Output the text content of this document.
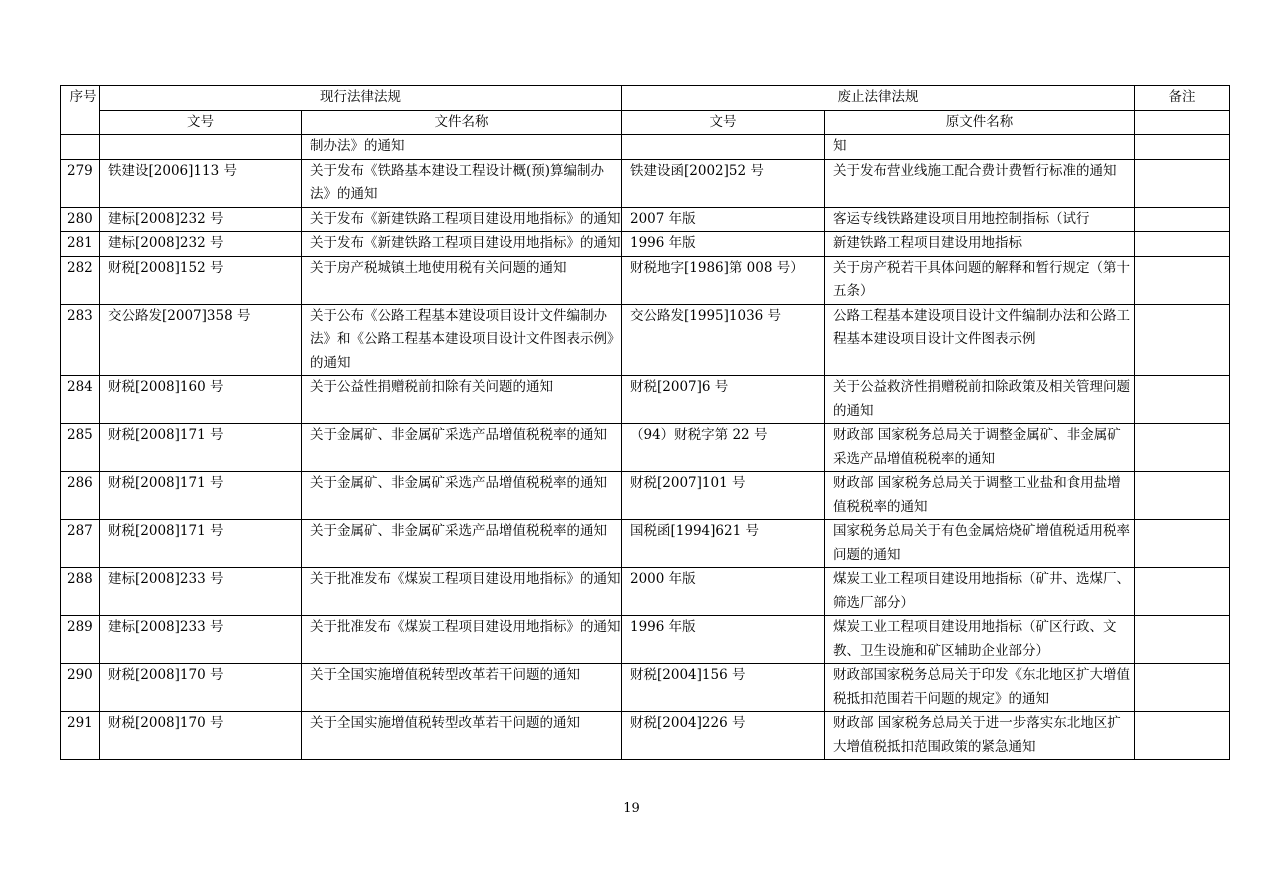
序号	现行法律法规		废止法律法规		备注
	文号	文件名称	文号	原文件名称	
		制办法》的通知		知	
279	铁建设[2006]113 号	关于发布《铁路基本建设工程设计概(预)算编制办法》的通知	铁建设函[2002]52 号	关于发布营业线施工配合费计费暂行标准的通知	
280	建标[2008]232 号	关于发布《新建铁路工程项目建设用地指标》的通知	2007 年版	客运专线铁路建设项目用地控制指标（试行	
281	建标[2008]232 号	关于发布《新建铁路工程项目建设用地指标》的通知	1996 年版	新建铁路工程项目建设用地指标	
282	财税[2008]152 号	关于房产税城镇土地使用税有关问题的通知	财税地字[1986]第 008 号）	关于房产税若干具体问题的解释和暂行规定（第十五条）	
283	交公路发[2007]358 号	关于公布《公路工程基本建设项目设计文件编制办法》和《公路工程基本建设项目设计文件图表示例》的通知	交公路发[1995]1036 号	公路工程基本建设项目设计文件编制办法和公路工程基本建设项目设计文件图表示例	
284	财税[2008]160 号	关于公益性捐赠税前扣除有关问题的通知	财税[2007]6 号	关于公益救济性捐赠税前扣除政策及相关管理问题的通知	
285	财税[2008]171 号	关于金属矿、非金属矿采选产品增值税税率的通知	（94）财税字第 22 号	财政部 国家税务总局关于调整金属矿、非金属矿采选产品增值税税率的通知	
286	财税[2008]171 号	关于金属矿、非金属矿采选产品增值税税率的通知	财税[2007]101 号	财政部 国家税务总局关于调整工业盐和食用盐增值税税率的通知	
287	财税[2008]171 号	关于金属矿、非金属矿采选产品增值税税率的通知	国税函[1994]621 号	国家税务总局关于有色金属焙烧矿增值税适用税率问题的通知	
288	建标[2008]233 号	关于批准发布《煤炭工程项目建设用地指标》的通知	2000 年版	煤炭工业工程项目建设用地指标（矿井、选煤厂、筛选厂部分）	
289	建标[2008]233 号	关于批准发布《煤炭工程项目建设用地指标》的通知	1996 年版	煤炭工业工程项目建设用地指标（矿区行政、文教、卫生设施和矿区辅助企业部分）	
290	财税[2008]170 号	关于全国实施增值税转型改革若干问题的通知	财税[2004]156 号	财政部国家税务总局关于印发《东北地区扩大增值税抵扣范围若干问题的规定》的通知	
291	财税[2008]170 号	关于全国实施增值税转型改革若干问题的通知	财税[2004]226 号	财政部 国家税务总局关于进一步落实东北地区扩大增值税抵扣范围政策的紧急通知	
19
